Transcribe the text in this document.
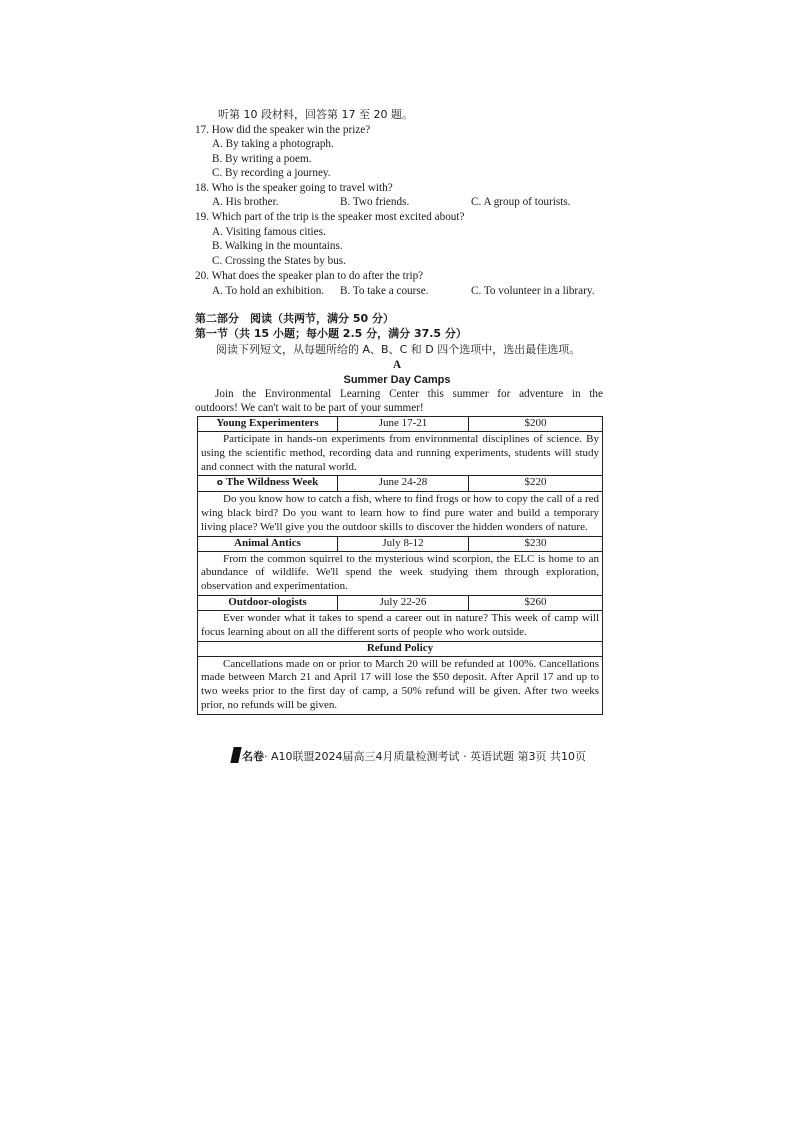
听第 10 段材料，回答第 17 至 20 题。
17. How did the speaker win the prize?
A. By taking a photograph.
B. By writing a poem.
C. By recording a journey.
18. Who is the speaker going to travel with?
A. His brother.	B. Two friends.	C. A group of tourists.
19. Which part of the trip is the speaker most excited about?
A. Visiting famous cities.
B. Walking in the mountains.
C. Crossing the States by bus.
20. What does the speaker plan to do after the trip?
A. To hold an exhibition. B. To take a course.	C. To volunteer in a library.
第二部分　阅读（共两节，满分 50 分）
第一节（共 15 小题；每小题 2.5 分，满分 37.5 分）
阅读下列短文，从每题所给的 A、B、C 和 D 四个选项中，选出最佳选项。
A
Summer Day Camps
Join the Environmental Learning Center this summer for adventure in the
outdoors! We can't wait to be part of your summer!
Young Experimenters	June 17-21	$200

Participate in hands-on experiments from environmental disciplines of science. By using the scientific method, recording data and running experiments, students will study and connect with the natural world.		

o The Wildness Week	June 24-28	$220

Do you know how to catch a fish, where to find frogs or how to copy the call of a red wing black bird? Do you want to learn how to find pure water and build a temporary living place? We'll give you the outdoor skills to discover the hidden wonders of nature.		

Animal Antics	July 8-12	$230

From the common squirrel to the mysterious wind scorpion, the ELC is home to an abundance of wildlife. We'll spend the week studying them through exploration, observation and experimentation.		

Outdoor-ologists	July 22-26	$260

Ever wonder what it takes to spend a career out in nature? This week of camp will focus learning about on all the different sorts of people who work outside.		

Refund Policy		

Cancellations made on or prior to March 20 will be refunded at 100%. Cancellations made between March 21 and April 17 will lose the $50 deposit. After April 17 and up to two weeks prior to the first day of camp, a 50% refund will be given. After two weeks prior, no refunds will be given.		
名卷· A10联盟2024届高三4月质量检测考试 · 英语试题 第3页 共10页
